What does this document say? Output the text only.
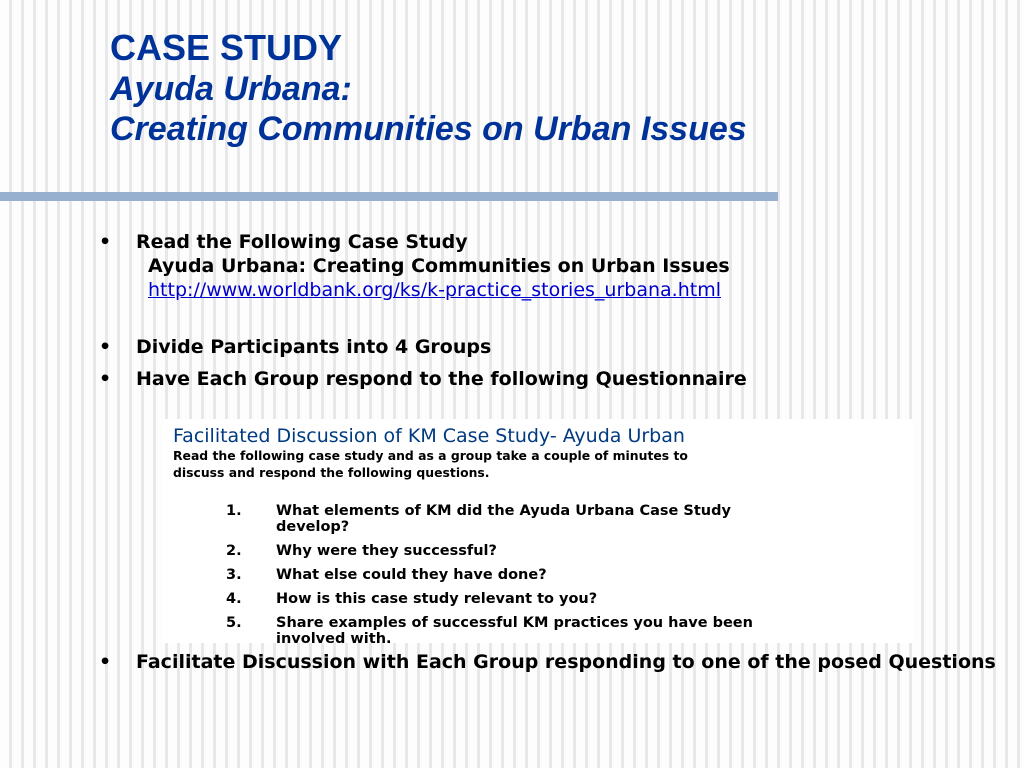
CASE STUDY
Ayuda Urbana:
Creating Communities on Urban Issues
• Read the Following Case Study
Ayuda Urbana: Creating Communities on Urban Issues
http://www.worldbank.org/ks/k-practice_stories_urbana.html
• Divide Participants into 4 Groups
• Have Each Group respond to the following Questionnaire
Facilitated Discussion of KM Case Study- Ayuda Urban
Read the following case study and as a group take a couple of minutes to
discuss and respond the following questions.
1. What elements of KM did the Ayuda Urbana Case Study develop?
2. Why were they successful?
3. What else could they have done?
4. How is this case study relevant to you?
5. Share examples of successful KM practices you have been involved with.
• Facilitate Discussion with Each Group responding to one of the posed Questions
